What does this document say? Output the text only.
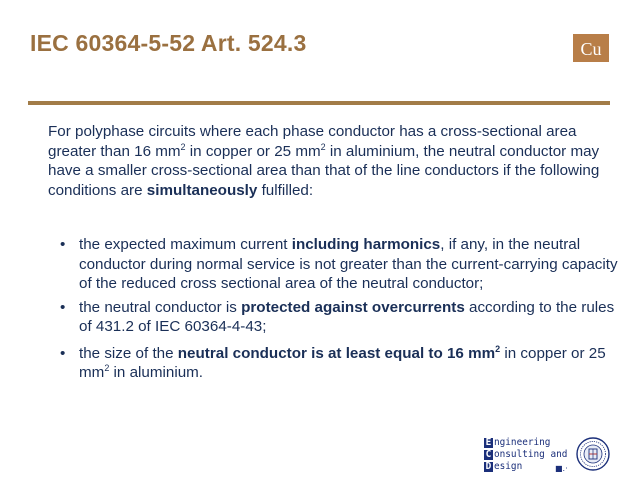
IEC 60364-5-52 Art. 524.3	Cu

For polyphase circuits where each phase conductor has a cross-sectional area greater than 16 $mm^2$ in copper or 25 $mm^2$ in aluminium, the neutral conductor may have a smaller cross-sectional area than that of the line conductors if the following conditions are simultaneously fulfilled:

• the expected maximum current including harmonics, if any, in the neutral conductor during normal service is not greater than the current-carrying capacity of the reduced cross sectional area of the neutral conductor;
• the neutral conductor is protected against overcurrents according to the rules of 431.2 of IEC 60364-4-43;
• the size of the neutral conductor is at least equal to 16 $mm^2$ in copper or 25 $mm^2$ in aluminium.
E ngineering
C onsulting and
D esign	■.·
